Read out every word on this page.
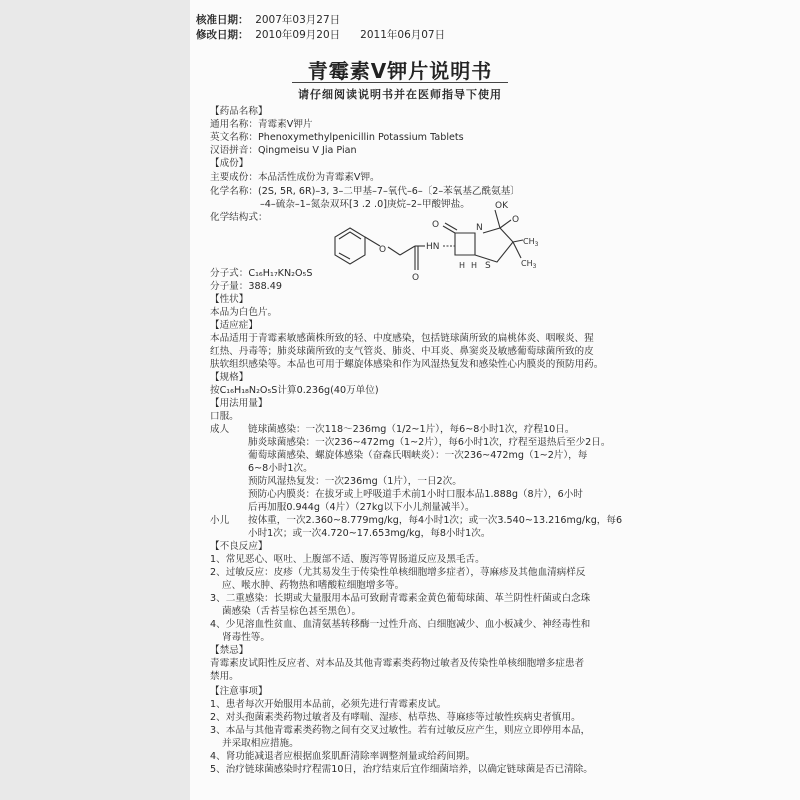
核准日期： 2007年03月27日
修改日期： 2010年09月20日 2011年06月07日
青霉素V钾片说明书
请仔细阅读说明书并在医师指导下使用
【药品名称】
通用名称：青霉素V钾片
英文名称：Phenoxymethylpenicillin Potassium Tablets
汉语拼音：Qingmeisu V Jia Pian
【成份】
主要成份：本品活性成份为青霉素V钾。
化学名称：(2S, 5R, 6R)–3, 3–二甲基–7–氧代–6–〔2–苯氧基乙酰氨基〕
–4–硫杂–1–氮杂双环[3 .2 .0]庚烷–2–甲酸钾盐。
化学结构式：
O
O
HN
O	N
H H S
OK
O
$CH_3$
$CH_3$
分子式：C₁₆H₁₇KN₂O₅S
分子量：388.49
【性状】
本品为白色片。
【适应症】
本品适用于青霉素敏感菌株所致的轻、中度感染，包括链球菌所致的扁桃体炎、咽喉炎、猩
红热、丹毒等；肺炎球菌所致的支气管炎、肺炎、中耳炎、鼻窦炎及敏感葡萄球菌所致的皮
肤软组织感染等。本品也可用于螺旋体感染和作为风湿热复发和感染性心内膜炎的预防用药。
【规格】
按C₁₆H₁₈N₂O₅S计算0.236g(40万单位)
【用法用量】
口服。
成人 链球菌感染：一次118～236mg（1/2~1片），每6~8小时1次，疗程10日。
肺炎球菌感染：一次236~472mg（1~2片），每6小时1次，疗程至退热后至少2日。
葡萄球菌感染、螺旋体感染（奋森氏咽峡炎）：一次236~472mg（1~2片），每
6~8小时1次。
预防风湿热复发：一次236mg（1片），一日2次。
预防心内膜炎：在拔牙或上呼吸道手术前1小时口服本品1.888g（8片），6小时
后再加服0.944g（4片）（27kg以下小儿剂量减半）。
小儿 按体重，一次2.360~8.779mg/kg，每4小时1次；或一次3.540~13.216mg/kg，每6
小时1次；或一次4.720~17.653mg/kg，每8小时1次。
【不良反应】
1、常见恶心、呕吐、上腹部不适、腹泻等胃肠道反应及黑毛舌。
2、过敏反应：皮疹（尤其易发生于传染性单核细胞增多症者），荨麻疹及其他血清病样反
应、喉水肿、药物热和嗜酸粒细胞增多等。
3、二重感染：长期或大量服用本品可致耐青霉素金黄色葡萄球菌、革兰阴性杆菌或白念珠
菌感染（舌苔呈棕色甚至黑色）。
4、少见溶血性贫血、血清氨基转移酶一过性升高、白细胞减少、血小板减少、神经毒性和
肾毒性等。
【禁忌】
青霉素皮试阳性反应者、对本品及其他青霉素类药物过敏者及传染性单核细胞增多症患者
禁用。
【注意事项】
1、患者每次开始服用本品前，必须先进行青霉素皮试。
2、对头孢菌素类药物过敏者及有哮喘、湿疹、枯草热、荨麻疹等过敏性疾病史者慎用。
3、本品与其他青霉素类药物之间有交叉过敏性。若有过敏反应产生，则应立即停用本品，
并采取相应措施。
4、肾功能减退者应根据血浆肌酐清除率调整剂量或给药间期。
5、治疗链球菌感染时疗程需10日，治疗结束后宜作细菌培养，以确定链球菌是否已清除。
